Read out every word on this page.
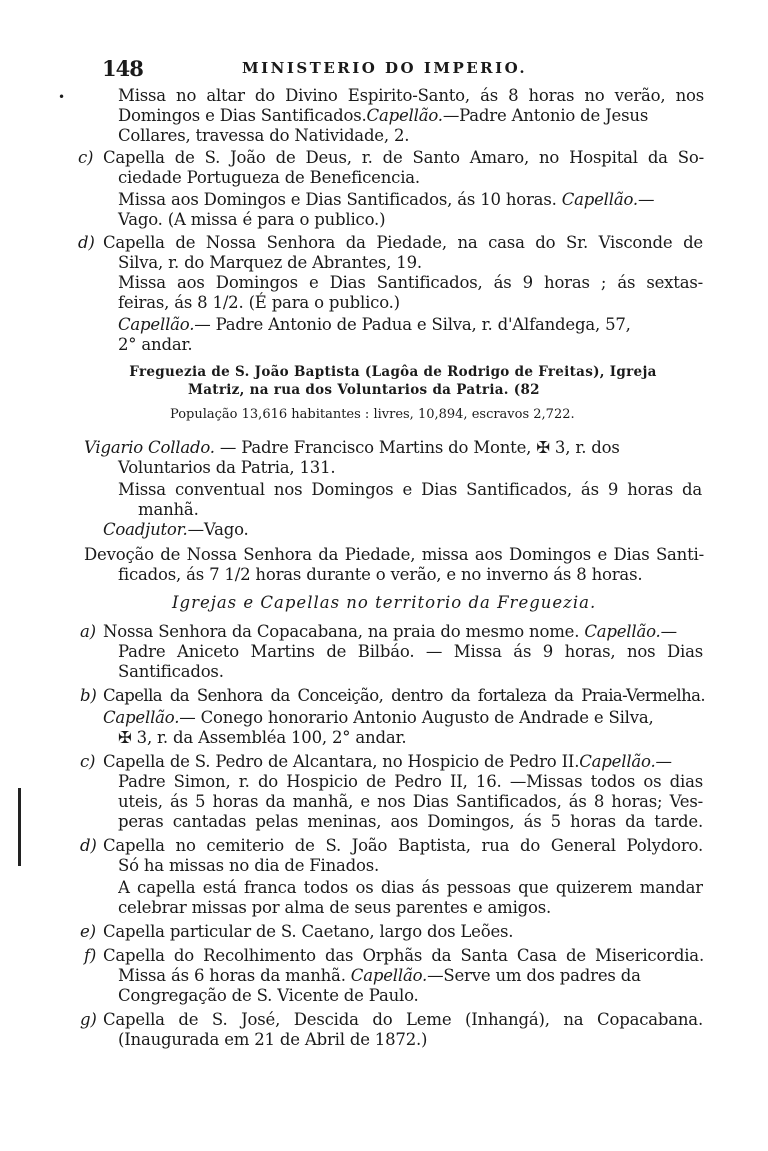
148	MINISTERIO DO IMPERIO.
•	Missa no altar do Divino Espirito-Santo, ás 8 horas no verão, nos
Domingos e Dias Santificados.Capellão.—Padre Antonio de Jesus
Collares, travessa do Natividade, 2.
c) Capella de S. João de Deus, r. de Santo Amaro, no Hospital da So-
ciedade Portugueza de Beneficencia.
Missa aos Domingos e Dias Santificados, ás 10 horas. Capellão.—
Vago. (A missa é para o publico.)
d) Capella de Nossa Senhora da Piedade, na casa do Sr. Visconde de
Silva, r. do Marquez de Abrantes, 19.
Missa aos Domingos e Dias Santificados, ás 9 horas ; ás sextas-
feiras, ás 8 1/2. (É para o publico.)
Capellão.— Padre Antonio de Padua e Silva, r. d'Alfandega, 57,
2° andar.
Freguezia de S. João Baptista (Lagôa de Rodrigo de Freitas), Igreja
Matriz, na rua dos Voluntarios da Patria. (82
População 13,616 habitantes : livres, 10,894, escravos 2,722.
Vigario Collado. — Padre Francisco Martins do Monte, ✠ 3, r. dos
Voluntarios da Patria, 131.
Missa conventual nos Domingos e Dias Santificados, ás 9 horas da
manhã.
Coadjutor.—Vago.
Devoção de Nossa Senhora da Piedade, missa aos Domingos e Dias Santi-
ficados, ás 7 1/2 horas durante o verão, e no inverno ás 8 horas.
Igrejas e Capellas no territorio da Freguezia.
a) Nossa Senhora da Copacabana, na praia do mesmo nome. Capellão.—
Padre Aniceto Martins de Bilbáo. — Missa ás 9 horas, nos Dias
Santificados.
b) Capella da Senhora da Conceição, dentro da fortaleza da Praia-Vermelha.
Capellão.— Conego honorario Antonio Augusto de Andrade e Silva,
✠ 3, r. da Assembléa 100, 2° andar.
c) Capella de S. Pedro de Alcantara, no Hospicio de Pedro II.Capellão.—
Padre Simon, r. do Hospicio de Pedro II, 16. —Missas todos os dias
uteis, ás 5 horas da manhã, e nos Dias Santificados, ás 8 horas; Ves-
peras cantadas pelas meninas, aos Domingos, ás 5 horas da tarde.
d) Capella no cemiterio de S. João Baptista, rua do General Polydoro.
Só ha missas no dia de Finados.
A capella está franca todos os dias ás pessoas que quizerem mandar
celebrar missas por alma de seus parentes e amigos.
e) Capella particular de S. Caetano, largo dos Leões.
f) Capella do Recolhimento das Orphãs da Santa Casa de Misericordia.
Missa ás 6 horas da manhã. Capellão.—Serve um dos padres da
Congregação de S. Vicente de Paulo.
g) Capella de S. José, Descida do Leme (Inhangá), na Copacabana.
(Inaugurada em 21 de Abril de 1872.)
